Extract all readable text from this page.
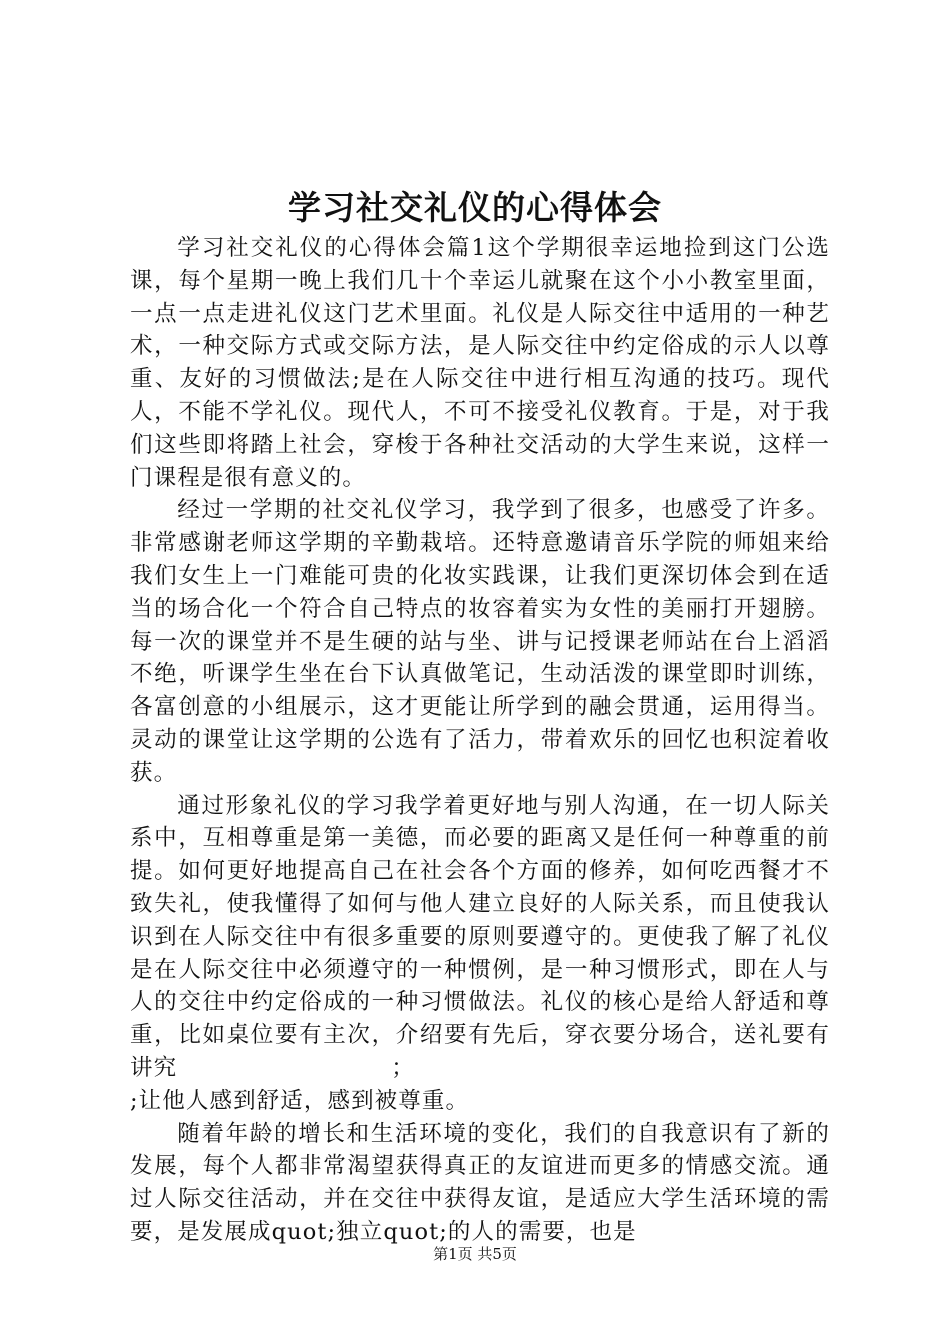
学习社交礼仪的心得体会

学习社交礼仪的心得体会篇1这个学期很幸运地捡到这门公选课，每个星期一晚上我们几十个幸运儿就聚在这个小小教室里面，一点一点走进礼仪这门艺术里面。礼仪是人际交往中适用的一种艺术，一种交际方式或交际方法，是人际交往中约定俗成的示人以尊重、友好的习惯做法;是在人际交往中进行相互沟通的技巧。现代人，不能不学礼仪。现代人，不可不接受礼仪教育。于是，对于我们这些即将踏上社会，穿梭于各种社交活动的大学生来说，这样一门课程是很有意义的。

经过一学期的社交礼仪学习，我学到了很多，也感受了许多。非常感谢老师这学期的辛勤栽培。还特意邀请音乐学院的师姐来给我们女生上一门难能可贵的化妆实践课，让我们更深切体会到在适当的场合化一个符合自己特点的妆容着实为女性的美丽打开翅膀。每一次的课堂并不是生硬的站与坐、讲与记授课老师站在台上滔滔不绝，听课学生坐在台下认真做笔记，生动活泼的课堂即时训练，各富创意的小组展示，这才更能让所学到的融会贯通，运用得当。灵动的课堂让这学期的公选有了活力，带着欢乐的回忆也积淀着收获。

通过形象礼仪的学习我学着更好地与别人沟通，在一切人际关系中，互相尊重是第一美德，而必要的距离又是任何一种尊重的前提。如何更好地提高自己在社会各个方面的修养，如何吃西餐才不致失礼，使我懂得了如何与他人建立良好的人际关系，而且使我认识到在人际交往中有很多重要的原则要遵守的。更使我了解了礼仪是在人际交往中必须遵守的一种惯例，是一种习惯形式，即在人与人的交往中约定俗成的一种习惯做法。礼仪的核心是给人舒适和尊重，比如桌位要有主次，介绍要有先后，穿衣要分场合，送礼要有讲究	；
;让他人感到舒适，感到被尊重。

随着年龄的增长和生活环境的变化，我们的自我意识有了新的发展，每个人都非常渴望获得真正的友谊进而更多的情感交流。通过人际交往活动，并在交往中获得友谊，是适应大学生活环境的需要，是发展成quot;独立quot;的人的需要，也是

第1页 共5页
